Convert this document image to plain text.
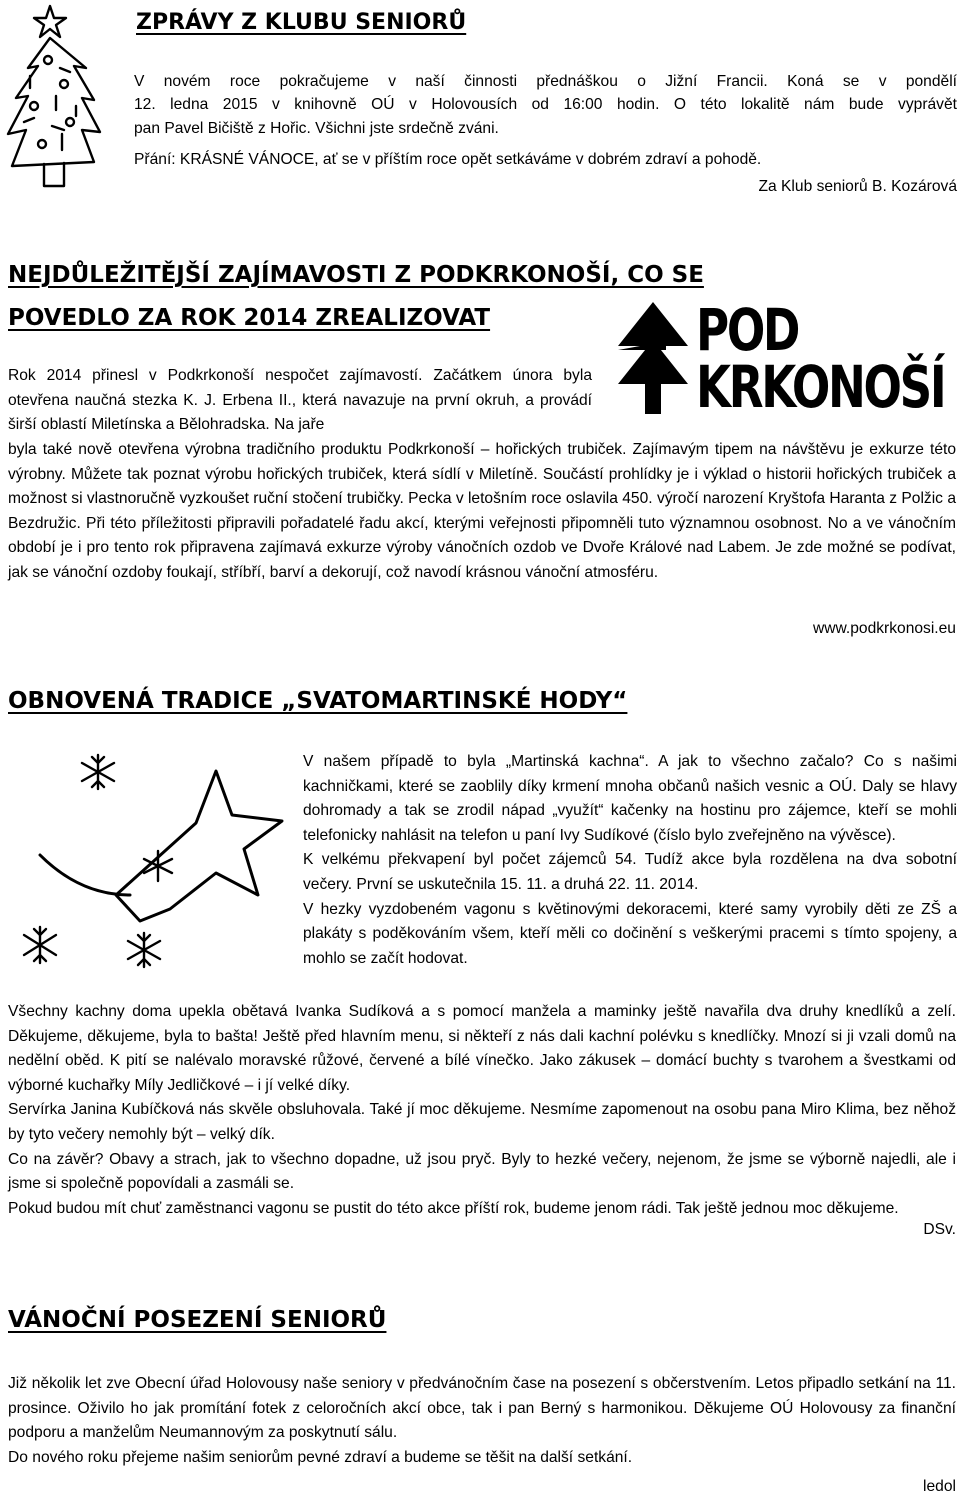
ZPRÁVY Z KLUBU SENIORŮ

V novém roce pokračujeme v naší činnosti přednáškou o Jižní Francii. Koná se v pondělí

12. ledna 2015 v knihovně OÚ v Holovousích od 16:00 hodin. O této lokalitě nám bude vyprávět

pan Pavel Bičiště z Hořic. Všichni jste srdečně zváni.

Přání: KRÁSNÉ VÁNOCE, ať se v příštím roce opět setkáváme v dobrém zdraví a pohodě.

Za Klub seniorů B. Kozárová

NEJDŮLEŽITĚJŠÍ ZAJÍMAVOSTI Z PODKRKONOŠÍ, CO SE
POVEDLO ZA ROK 2014 ZREALIZOVAT	POD
KRKONOŠÍ

Rok 2014 přinesl v Podkrkonoší nespočet zajímavostí. Začátkem února byla otevřena naučná stezka K. J. Erbena II., která navazuje na první okruh, a provádí širší oblastí Miletínska a Bělohradska. Na jaře

byla také nově otevřena výrobna tradičního produktu Podkrkonoší – hořických trubiček. Zajímavým tipem na návštěvu je exkurze této výrobny. Můžete tak poznat výrobu hořických trubiček, která sídlí v Miletíně. Součástí prohlídky je i výklad o historii hořických trubiček a možnost si vlastnoručně vyzkoušet ruční stočení trubičky. Pecka v letošním roce oslavila 450. výročí narození Kryštofa Haranta z Polžic a Bezdružic. Při této příležitosti připravili pořadatelé řadu akcí, kterými veřejnosti připomněli tuto významnou osobnost. No a ve vánočním období je i pro tento rok připravena zajímavá exkurze výroby vánočních ozdob ve Dvoře Králové nad Labem. Je zde možné se podívat, jak se vánoční ozdoby foukají, stříbří, barví a dekorují, což navodí krásnou vánoční atmosféru.

www.podkrkonosi.eu

OBNOVENÁ TRADICE „SVATOMARTINSKÉ HODY“

V našem případě to byla „Martinská kachna“. A jak to všechno začalo? Co s našimi kachničkami, které se zaoblily díky krmení mnoha občanů našich vesnic a OÚ. Daly se hlavy dohromady a tak se zrodil nápad „využít“ kačenky na hostinu pro zájemce, kteří se mohli telefonicky nahlásit na telefon u paní Ivy Sudíkové (číslo bylo zveřejněno na vývěsce).

K velkému překvapení byl počet zájemců 54. Tudíž akce byla rozdělena na dva sobotní večery. První se uskutečnila 15. 11. a druhá 22. 11. 2014.

V hezky vyzdobeném vagonu s květinovými dekoracemi, které samy vyrobily děti ze ZŠ a plakáty s poděkováním všem, kteří měli co dočinění s veškerými pracemi s tímto spojeny, a mohlo se začít hodovat.

Všechny kachny doma upekla obětavá Ivanka Sudíková a s pomocí manžela a maminky ještě navařila dva druhy knedlíků a zelí. Děkujeme, děkujeme, byla to bašta! Ještě před hlavním menu, si někteří z nás dali kachní polévku s knedlíčky. Mnozí si ji vzali domů na nedělní oběd. K pití se nalévalo moravské růžové, červené a bílé vínečko. Jako zákusek – domácí buchty s tvarohem a švestkami od výborné kuchařky Míly Jedličkové – i jí velké díky.

Servírka Janina Kubíčková nás skvěle obsluhovala. Také jí moc děkujeme. Nesmíme zapomenout na osobu pana Miro Klima, bez něhož by tyto večery nemohly být – velký dík.

Co na závěr? Obavy a strach, jak to všechno dopadne, už jsou pryč. Byly to hezké večery, nejenom, že jsme se výborně najedli, ale i jsme si společně popovídali a zasmáli se.

Pokud budou mít chuť zaměstnanci vagonu se pustit do této akce příští rok, budeme jenom rádi. Tak ještě jednou moc děkujeme.

DSv.

VÁNOČNÍ POSEZENÍ SENIORŮ

Již několik let zve Obecní úřad Holovousy naše seniory v předvánočním čase na posezení s občerstvením. Letos připadlo setkání na 11. prosince. Oživilo ho jak promítání fotek z celoročních akcí obce, tak i pan Berný s harmonikou. Děkujeme OÚ Holovousy za finanční podporu a manželům Neumannovým za poskytnutí sálu.

Do nového roku přejeme našim seniorům pevné zdraví a budeme se těšit na další setkání.

ledol
